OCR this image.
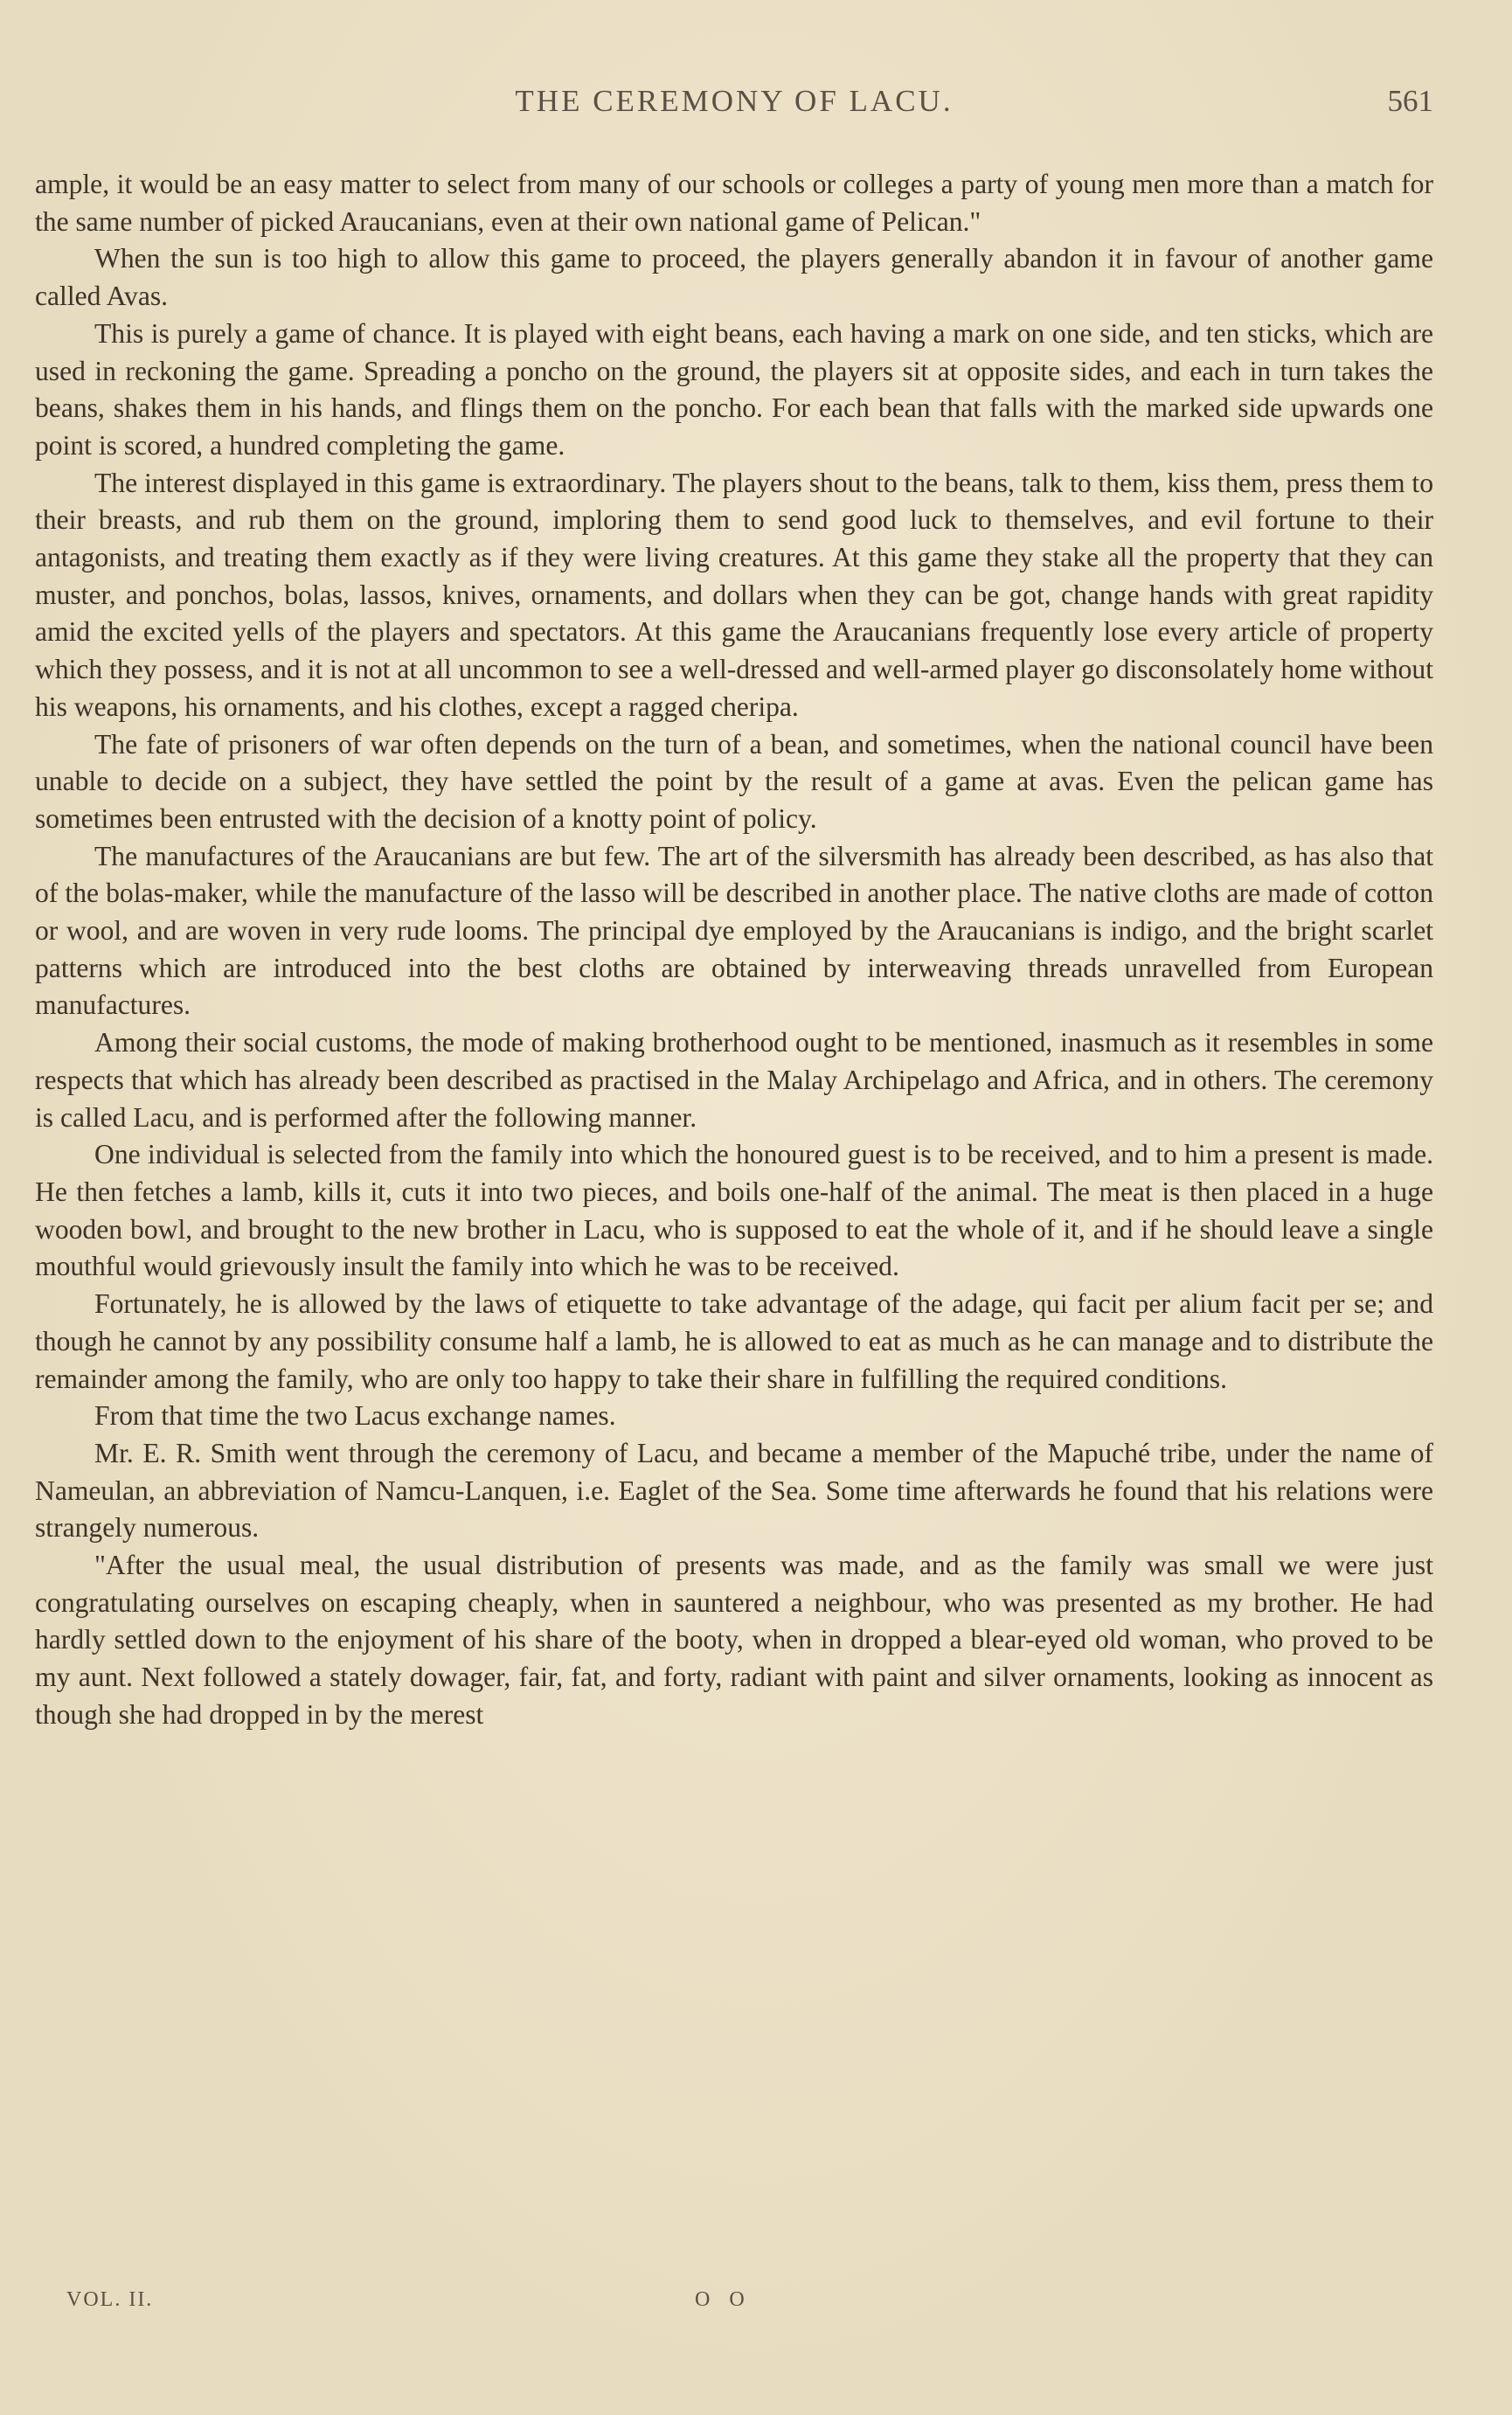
THE CEREMONY OF LACU.	561

ample, it would be an easy matter to select from many of our schools or colleges a party of young men more than a match for the same number of picked Araucanians, even at their own national game of Pelican."

When the sun is too high to allow this game to proceed, the players generally abandon it in favour of another game called Avas.

This is purely a game of chance. It is played with eight beans, each having a mark on one side, and ten sticks, which are used in reckoning the game. Spreading a poncho on the ground, the players sit at opposite sides, and each in turn takes the beans, shakes them in his hands, and flings them on the poncho. For each bean that falls with the marked side upwards one point is scored, a hundred completing the game.

The interest displayed in this game is extraordinary. The players shout to the beans, talk to them, kiss them, press them to their breasts, and rub them on the ground, imploring them to send good luck to themselves, and evil fortune to their antagonists, and treating them exactly as if they were living creatures. At this game they stake all the property that they can muster, and ponchos, bolas, lassos, knives, ornaments, and dollars when they can be got, change hands with great rapidity amid the excited yells of the players and spectators. At this game the Araucanians frequently lose every article of property which they possess, and it is not at all uncommon to see a well-dressed and well-armed player go disconsolately home without his weapons, his ornaments, and his clothes, except a ragged cheripa.

The fate of prisoners of war often depends on the turn of a bean, and sometimes, when the national council have been unable to decide on a subject, they have settled the point by the result of a game at avas. Even the pelican game has sometimes been entrusted with the decision of a knotty point of policy.

The manufactures of the Araucanians are but few. The art of the silversmith has already been described, as has also that of the bolas-maker, while the manufacture of the lasso will be described in another place. The native cloths are made of cotton or wool, and are woven in very rude looms. The principal dye employed by the Araucanians is indigo, and the bright scarlet patterns which are introduced into the best cloths are obtained by interweaving threads unravelled from European manufactures.

Among their social customs, the mode of making brotherhood ought to be mentioned, inasmuch as it resembles in some respects that which has already been described as practised in the Malay Archipelago and Africa, and in others. The ceremony is called Lacu, and is performed after the following manner.

One individual is selected from the family into which the honoured guest is to be received, and to him a present is made. He then fetches a lamb, kills it, cuts it into two pieces, and boils one-half of the animal. The meat is then placed in a huge wooden bowl, and brought to the new brother in Lacu, who is supposed to eat the whole of it, and if he should leave a single mouthful would grievously insult the family into which he was to be received.

Fortunately, he is allowed by the laws of etiquette to take advantage of the adage, qui facit per alium facit per se; and though he cannot by any possibility consume half a lamb, he is allowed to eat as much as he can manage and to distribute the remainder among the family, who are only too happy to take their share in fulfilling the required conditions.

From that time the two Lacus exchange names.

Mr. E. R. Smith went through the ceremony of Lacu, and became a member of the Mapuché tribe, under the name of Nameulan, an abbreviation of Namcu-Lanquen, i.e. Eaglet of the Sea. Some time afterwards he found that his relations were strangely numerous.

"After the usual meal, the usual distribution of presents was made, and as the family was small we were just congratulating ourselves on escaping cheaply, when in sauntered a neighbour, who was presented as my brother. He had hardly settled down to the enjoyment of his share of the booty, when in dropped a blear-eyed old woman, who proved to be my aunt. Next followed a stately dowager, fair, fat, and forty, radiant with paint and silver ornaments, looking as innocent as though she had dropped in by the merest

VOL. II.	O O
